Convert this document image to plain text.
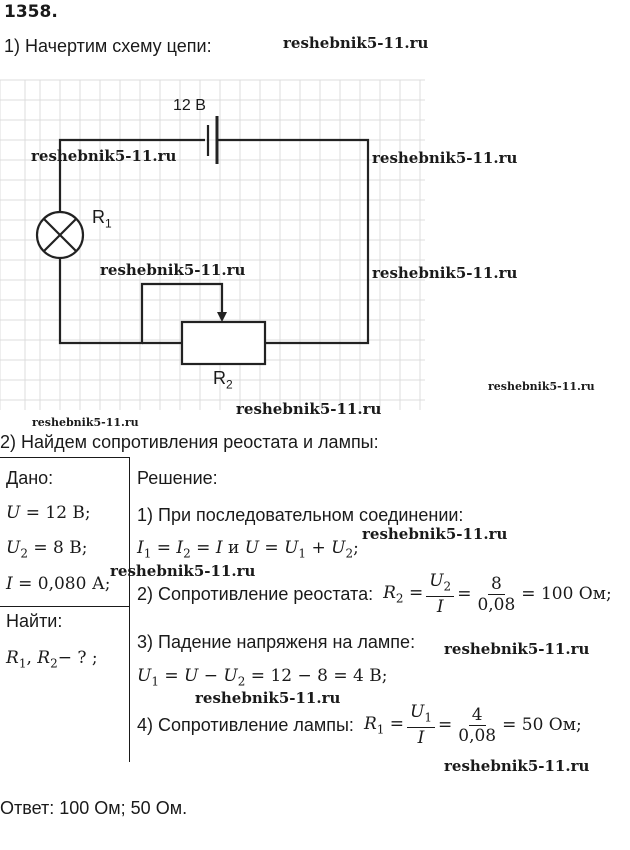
1358.
1) Начертим схему цепи:	reshebnik5-11.ru
12 В
$R_1$
$R_2$
reshebnik5-11.ru	reshebnik5-11.ru
reshebnik5-11.ru	reshebnik5-11.ru
reshebnik5-11.ru
reshebnik5-11.ru
reshebnik5-11.ru
2) Найдем сопротивления реостата и лампы:
Дано:
U = 12 В;
$U_2 = 8$ В;
I = 0,080 А;
Найти:
$R_1$, $R_2-$ ? ;
Решение:
1) При последовательном соединении:
$I_1 = I_2 = I$ и $U = U_1 + U_2$;
2) Сопротивление реостата: $R_2 = \frac{U_2}{I} = \frac{8}{0,08} = 100$ Ом;
3) Падение напряженя на лампе:
$U_1 = U - U_2 = 12 - 8 = 4$ В;
4) Сопротивление лампы: $R_1 = \frac{U_1}{I} = \frac{4}{0,08} = 50$ Ом;
reshebnik5-11.ru
reshebnik5-11.ru
reshebnik5-11.ru
reshebnik5-11.ru
reshebnik5-11.ru
Ответ: 100 Ом; 50 Ом.
